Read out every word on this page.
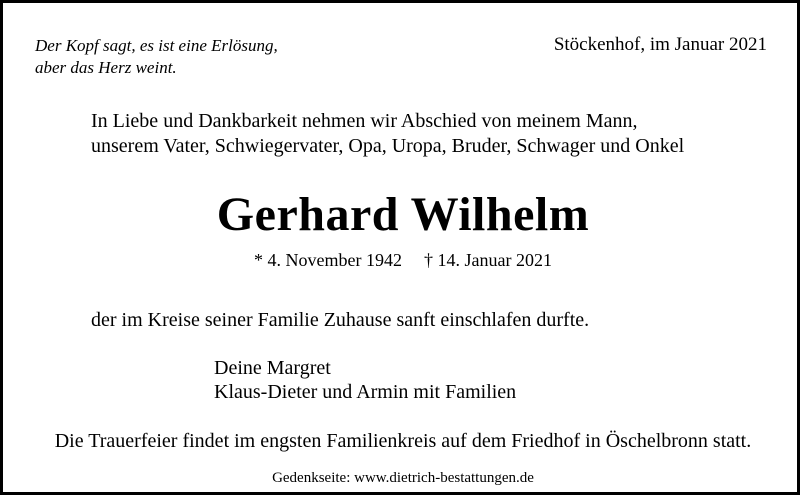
Der Kopf sagt, es ist eine Erlösung,
aber das Herz weint.
Stöckenhof, im Januar 2021
In Liebe und Dankbarkeit nehmen wir Abschied von meinem Mann,
unserem Vater, Schwiegervater, Opa, Uropa, Bruder, Schwager und Onkel
Gerhard Wilhelm
* 4. November 1942 † 14. Januar 2021
der im Kreise seiner Familie Zuhause sanft einschlafen durfte.
Deine Margret
Klaus-Dieter und Armin mit Familien
Die Trauerfeier findet im engsten Familienkreis auf dem Friedhof in Öschelbronn statt.
Gedenkseite: www.dietrich-bestattungen.de
